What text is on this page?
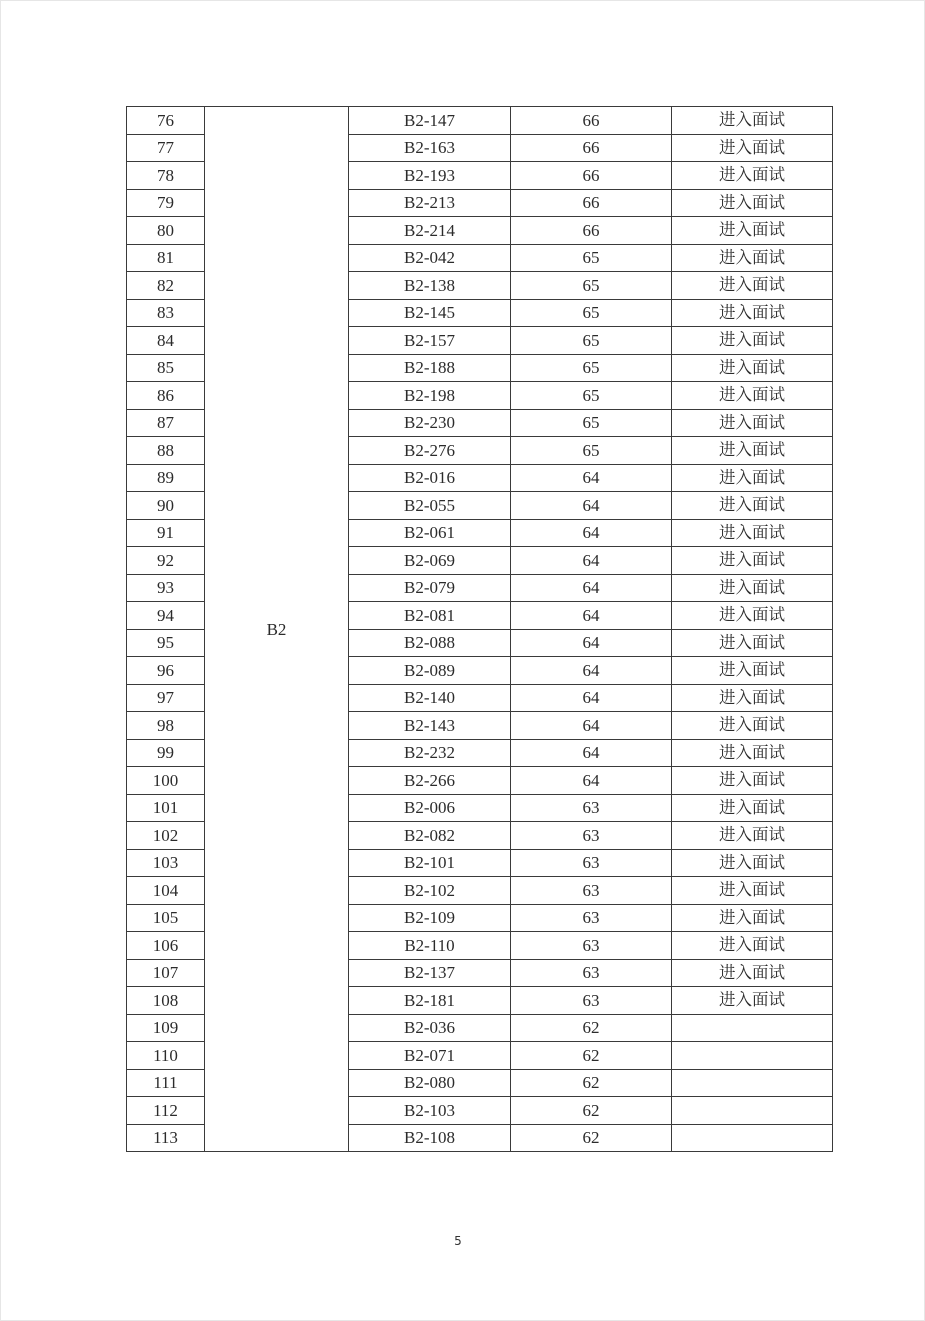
76	B2	B2-147	66	进入面试
77		B2-163	66	进入面试
78		B2-193	66	进入面试
79		B2-213	66	进入面试
80		B2-214	66	进入面试
81		B2-042	65	进入面试
82		B2-138	65	进入面试
83		B2-145	65	进入面试
84		B2-157	65	进入面试
85		B2-188	65	进入面试
86		B2-198	65	进入面试
87		B2-230	65	进入面试
88		B2-276	65	进入面试
89		B2-016	64	进入面试
90		B2-055	64	进入面试
91		B2-061	64	进入面试
92		B2-069	64	进入面试
93		B2-079	64	进入面试
94		B2-081	64	进入面试
95		B2-088	64	进入面试
96		B2-089	64	进入面试
97		B2-140	64	进入面试
98		B2-143	64	进入面试
99		B2-232	64	进入面试
100		B2-266	64	进入面试
101		B2-006	63	进入面试
102		B2-082	63	进入面试
103		B2-101	63	进入面试
104		B2-102	63	进入面试
105		B2-109	63	进入面试
106		B2-110	63	进入面试
107		B2-137	63	进入面试
108		B2-181	63	进入面试
109		B2-036	62	
110		B2-071	62	
111		B2-080	62	
112		B2-103	62	
113		B2-108	62	
5
